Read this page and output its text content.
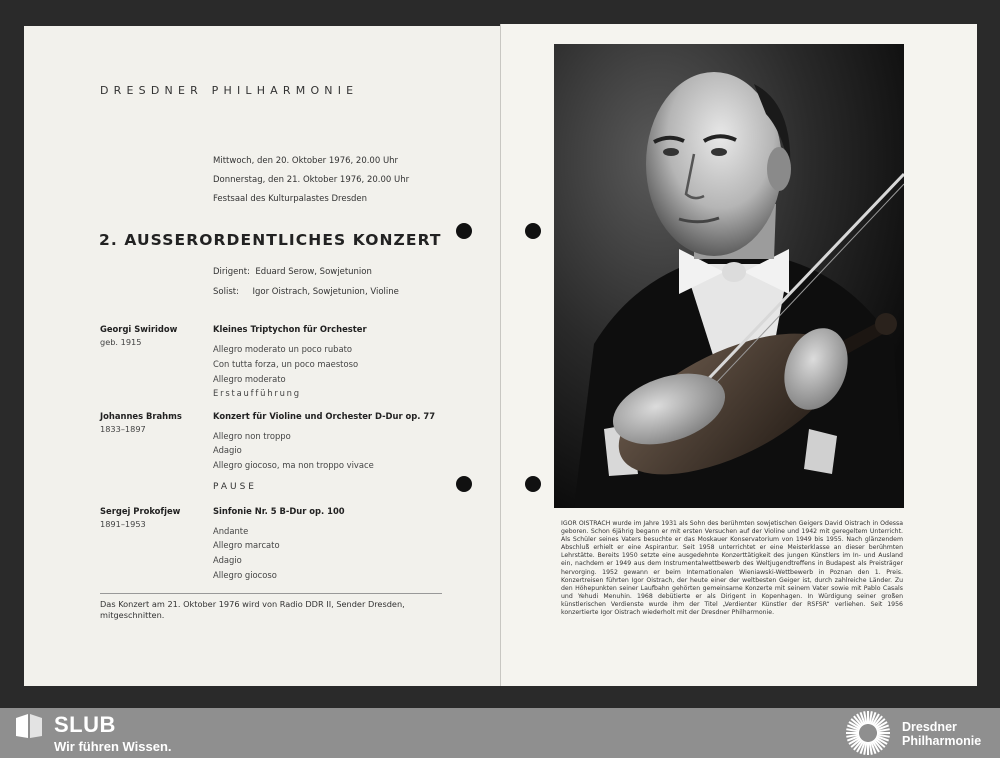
DRESDNER PHILHARMONIE
Mittwoch, den 20. Oktober 1976, 20.00 Uhr
Donnerstag, den 21. Oktober 1976, 20.00 Uhr
Festsaal des Kulturpalastes Dresden
2. AUSSERORDENTLICHES KONZERT
Dirigent: Eduard Serow, Sowjetunion
Solist: Igor Oistrach, Sowjetunion, Violine
Georgi Swiridow
geb. 1915
Kleines Triptychon für Orchester
Allegro moderato un poco rubato
Con tutta forza, un poco maestoso
Allegro moderato
Erstaufführung
Johannes Brahms
1833–1897
Konzert für Violine und Orchester D-Dur op. 77
Allegro non troppo
Adagio
Allegro giocoso, ma non troppo vivace
PAUSE
Sergej Prokofjew
1891–1953
Sinfonie Nr. 5 B-Dur op. 100
Andante
Allegro marcato
Adagio
Allegro giocoso
Das Konzert am 21. Oktober 1976 wird von Radio DDR II, Sender Dresden, mitgeschnitten.
IGOR OISTRACH wurde im Jahre 1931 als Sohn des berühmten sowjetischen Geigers David Oistrach in Odessa geboren. Schon 6jährig begann er mit ersten Versuchen auf der Violine und 1942 mit geregeltem Unterricht. Als Schüler seines Vaters besuchte er das Moskauer Konservatorium von 1949 bis 1955. Nach glänzendem Abschluß erhielt er eine Aspirantur. Seit 1958 unterrichtet er eine Meisterklasse an dieser berühmten Lehrstätte. Bereits 1950 setzte eine ausgedehnte Konzerttätigkeit des jungen Künstlers im In- und Ausland ein, nachdem er 1949 aus dem Instrumentalwettbewerb des Weltjugendtreffens in Budapest als Preisträger hervorging. 1952 gewann er beim Internationalen Wieniawski-Wettbewerb in Poznan den 1. Preis. Konzertreisen führten Igor Oistrach, der heute einer der weltbesten Geiger ist, durch zahlreiche Länder. Zu den Höhepunkten seiner Laufbahn gehörten gemeinsame Konzerte mit seinem Vater sowie mit Pablo Casals und Yehudi Menuhin. 1968 debütierte er als Dirigent in Kopenhagen. In Würdigung seiner großen künstlerischen Verdienste wurde ihm der Titel „Verdienter Künstler der RSFSR“ verliehen. Seit 1956 konzertierte Igor Oistrach wiederholt mit der Dresdner Philharmonie.
SLUB
Wir führen Wissen.
Dresdner
Philharmonie
